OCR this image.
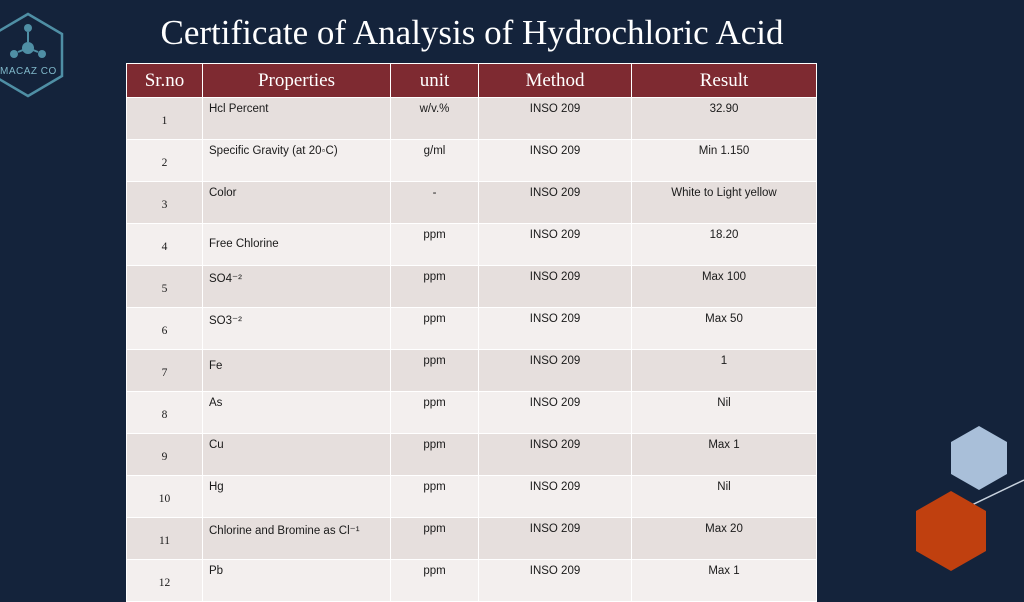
MACAZ CO
Certificate of Analysis of Hydrochloric Acid
Sr.no	Properties	unit	Method	Result
1	Hcl Percent	w/v.%	INSO 209	32.90

2	Specific Gravity (at 20◦C)	g/ml	INSO 209	Min 1.150

3	Color	-	INSO 209	White to Light yellow

4	Free Chlorine	ppm	INSO 209	18.20

5	SO4⁻²	ppm	INSO 209	Max 100

6	SO3⁻²	ppm	INSO 209	Max 50

7	Fe	ppm	INSO 209	1

8	As	ppm	INSO 209	Nil

9	Cu	ppm	INSO 209	Max 1

10	Hg	ppm	INSO 209	Nil

11	Chlorine and Bromine as Cl⁻¹	ppm	INSO 209	Max 20

12	Pb	ppm	INSO 209	Max 1
